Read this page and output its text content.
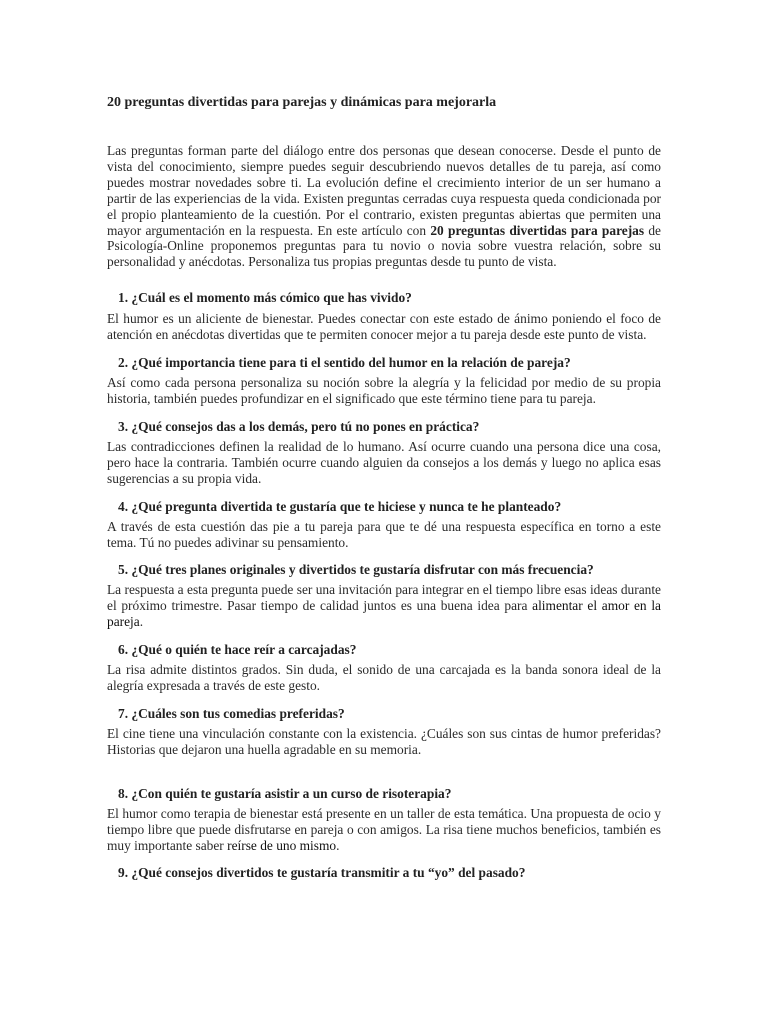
20 preguntas divertidas para parejas y dinámicas para mejorarla

Las preguntas forman parte del diálogo entre dos personas que desean conocerse. Desde el punto de vista del conocimiento, siempre puedes seguir descubriendo nuevos detalles de tu pareja, así como puedes mostrar novedades sobre ti. La evolución define el crecimiento interior de un ser humano a partir de las experiencias de la vida. Existen preguntas cerradas cuya respuesta queda condicionada por el propio planteamiento de la cuestión. Por el contrario, existen preguntas abiertas que permiten una mayor argumentación en la respuesta. En este artículo con 20 preguntas divertidas para parejas de Psicología-Online proponemos preguntas para tu novio o novia sobre vuestra relación, sobre su personalidad y anécdotas. Personaliza tus propias preguntas desde tu punto de vista.

1. ¿Cuál es el momento más cómico que has vivido?

El humor es un aliciente de bienestar. Puedes conectar con este estado de ánimo poniendo el foco de atención en anécdotas divertidas que te permiten conocer mejor a tu pareja desde este punto de vista.

2. ¿Qué importancia tiene para ti el sentido del humor en la relación de pareja?

Así como cada persona personaliza su noción sobre la alegría y la felicidad por medio de su propia historia, también puedes profundizar en el significado que este término tiene para tu pareja.

3. ¿Qué consejos das a los demás, pero tú no pones en práctica?

Las contradicciones definen la realidad de lo humano. Así ocurre cuando una persona dice una cosa, pero hace la contraria. También ocurre cuando alguien da consejos a los demás y luego no aplica esas sugerencias a su propia vida.

4. ¿Qué pregunta divertida te gustaría que te hiciese y nunca te he planteado?

A través de esta cuestión das pie a tu pareja para que te dé una respuesta específica en torno a este tema. Tú no puedes adivinar su pensamiento.

5. ¿Qué tres planes originales y divertidos te gustaría disfrutar con más frecuencia?

La respuesta a esta pregunta puede ser una invitación para integrar en el tiempo libre esas ideas durante el próximo trimestre. Pasar tiempo de calidad juntos es una buena idea para alimentar el amor en la pareja.

6. ¿Qué o quién te hace reír a carcajadas?

La risa admite distintos grados. Sin duda, el sonido de una carcajada es la banda sonora ideal de la alegría expresada a través de este gesto.

7. ¿Cuáles son tus comedias preferidas?

El cine tiene una vinculación constante con la existencia. ¿Cuáles son sus cintas de humor preferidas? Historias que dejaron una huella agradable en su memoria.

8. ¿Con quién te gustaría asistir a un curso de risoterapia?

El humor como terapia de bienestar está presente en un taller de esta temática. Una propuesta de ocio y tiempo libre que puede disfrutarse en pareja o con amigos. La risa tiene muchos beneficios, también es muy importante saber reírse de uno mismo.

9. ¿Qué consejos divertidos te gustaría transmitir a tu “yo” del pasado?
